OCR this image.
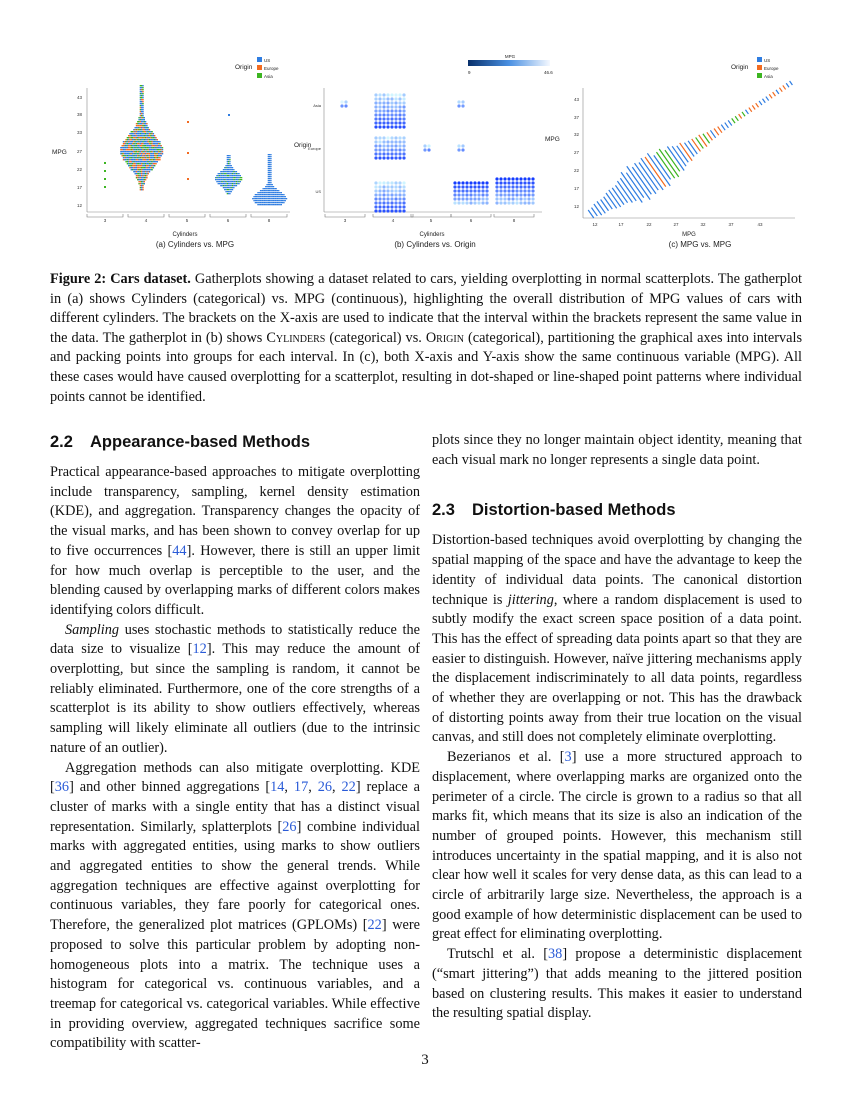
Origin
US
Europe
Asia
MPG
43
38
33
27
22
17
12
3	4	5	6	8
Cylinders
MPG
9	46.6
Origin
Asia
Europe
US
3	4	5	6	8
Cylinders
Origin
US
Europe
Asia
MPG
43
37
32
27
22
17
12
12	17	22	27	32	37	43
MPG
(a) Cylinders vs. MPG	(b) Cylinders vs. Origin	(c) MPG vs. MPG
Figure 2: Cars dataset. Gatherplots showing a dataset related to cars, yielding overplotting in normal scatterplots. The gatherplot in (a) shows Cylinders (categorical) vs. MPG (continuous), highlighting the overall distribution of MPG values of cars with different cylinders. The brackets on the X-axis are used to indicate that the interval within the brackets represent the same value in the data. The gatherplot in (b) shows Cylinders (categorical) vs. Origin (categorical), partitioning the graphical axes into intervals and packing points into groups for each interval. In (c), both X-axis and Y-axis show the same continuous variable (MPG). All these cases would have caused overplotting for a scatterplot, resulting in dot-shaped or line-shaped point patterns where individual points cannot be identified.
2.2 Appearance-based Methods

Practical appearance-based approaches to mitigate overplotting include transparency, sampling, kernel density estimation (KDE), and aggregation. Transparency changes the opacity of the visual marks, and has been shown to convey overlap for up to five occurrences [44]. However, there is still an upper limit for how much overlap is perceptible to the user, and the blending caused by overlapping marks of different colors makes identifying colors difficult.

Sampling uses stochastic methods to statistically reduce the data size to visualize [12]. This may reduce the amount of overplotting, but since the sampling is random, it cannot be reliably eliminated. Furthermore, one of the core strengths of a scatterplot is its ability to show outliers effectively, whereas sampling will likely eliminate all outliers (due to the intrinsic nature of an outlier).

Aggregation methods can also mitigate overplotting. KDE [36] and other binned aggregations [14, 17, 26, 22] replace a cluster of marks with a single entity that has a distinct visual representation. Similarly, splatterplots [26] combine individual marks with aggregated entities, using marks to show outliers and aggregated entities to show the general trends. While aggregation techniques are effective against overplotting for continuous variables, they fare poorly for categorical ones. Therefore, the generalized plot matrices (GPLOMs) [22] were proposed to solve this particular problem by adopting non-homogeneous plots into a matrix. The technique uses a histogram for categorical vs. continuous variables, and a treemap for categorical vs. categorical variables. While effective in providing overview, aggregated techniques sacrifice some compatibility with scatter-

plots since they no longer maintain object identity, meaning that each visual mark no longer represents a single data point.

2.3 Distortion-based Methods

Distortion-based techniques avoid overplotting by changing the spatial mapping of the space and have the advantage to keep the identity of individual data points. The canonical distortion technique is jittering, where a random displacement is used to subtly modify the exact screen space position of a data point. This has the effect of spreading data points apart so that they are easier to distinguish. However, naïve jittering mechanisms apply the displacement indiscriminately to all data points, regardless of whether they are overlapping or not. This has the drawback of distorting points away from their true location on the visual canvas, and still does not completely eliminate overplotting.

Bezerianos et al. [3] use a more structured approach to displacement, where overlapping marks are organized onto the perimeter of a circle. The circle is grown to a radius so that all marks fit, which means that its size is also an indication of the number of grouped points. However, this mechanism still introduces uncertainty in the spatial mapping, and it is also not clear how well it scales for very dense data, as this can lead to a circle of arbitrarily large size. Nevertheless, the approach is a good example of how deterministic displacement can be used to great effect for eliminating overplotting.

Trutschl et al. [38] propose a deterministic displacement (“smart jittering”) that adds meaning to the jittered position based on clustering results. This makes it easier to understand the resulting spatial display.

3
